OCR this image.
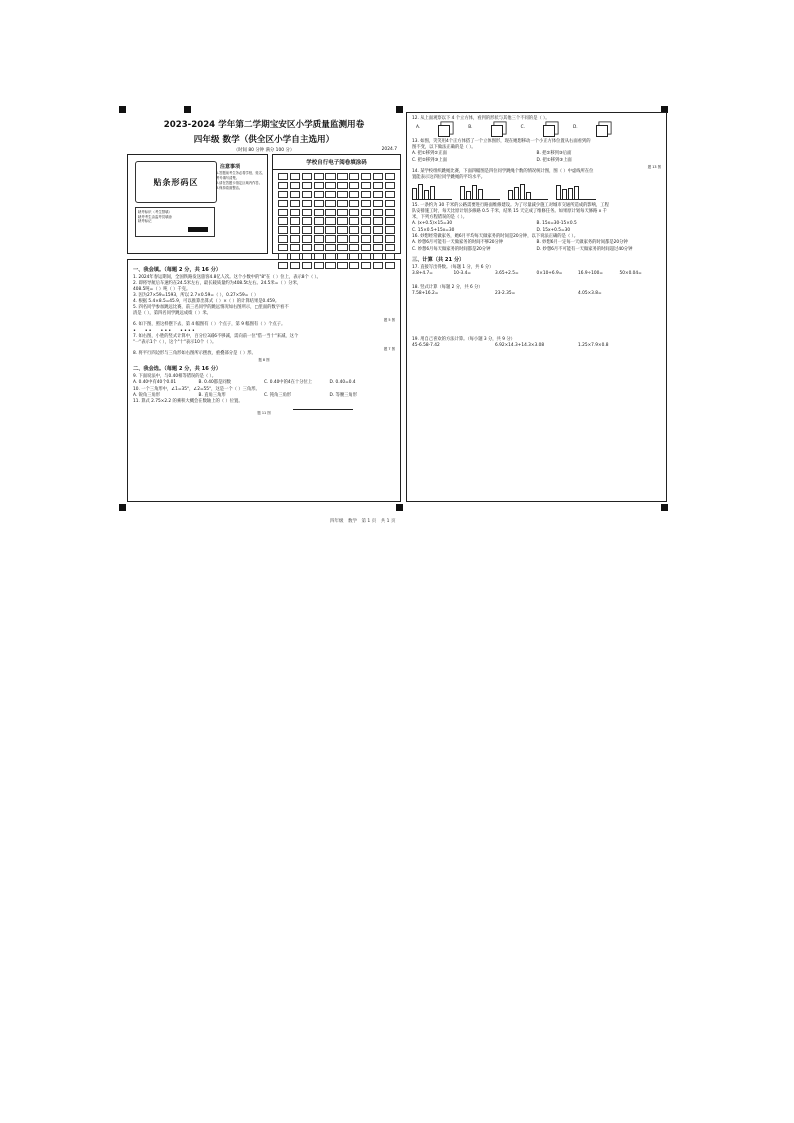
2023-2024 学年第二学期宝安区小学质量监测用卷
四年级 数学（供全区小学自主选用）
（时间 80 分钟 满分 100 分）	2024.7
贴条形码区
注意事项
1.答题前考生务必将学校、姓名、考号填写清楚。
2.请在答题卡指定区域内作答。
3.保持卷面整洁。
缺考标识（考生禁填）
缺考考生由监考员填涂
缺考标记
学校自行电子阅卷填涂码
一、我会填。（每题 2 分，共 16 分）
1. 2024年春运期间，全国铁路发送旅客4.8亿人次。这个小数中的"8"在（ ）位上，表示8个（ ）。
2. 即将导航后车速约在24.5米左右，最长载质量约为408.5t左右。24.5米=（ ）分米，
408.5吨=（ ）吨（ ）千克。
3. 因为27×59=1593，所以 2.7×0.59=（ ），0.27×59=（ ）
4. 根据 5.4×8.5=45.9，可以推算出算式（ ）×（ ）的计算结果是0.459。
5. 四名同学参加跳远比赛，前三名同学的跳远情况如右图所示，□里面的数字看不
清是（ ），第四名同学跳远成绩（ ）米。
题 5 图
6. 如下图，照这样摆下去，第 4 幅图有（ ）个点子，第 9 幅图有（ ）个点子。
•   ••   •••   ••••
7. 如右图，小胜的竖式计算中，百分位3减6不够减，需向前一位"借一当十"来减，这个
"一"表示1个（ ），这个"十"表示10个（ ）。
题 7 图
8. 将平行四边形与三角形如右图所示摆放，重叠部分是（ ）形。
题 8 图
二、我会选。（每题 2 分，共 16 分）
9. 下面说法中，与0.40相等错误的是（ ）。
A. 0.40中有40个0.01	B. 0.40都是同数	C. 0.40中的4在十分位上	D. 0.40=0.4
10. 一个三角形中，∠1=35°，∠2=55°，这是一个（ ）三角形。
A. 锐角三角形	B. 直角三角形	C. 钝角三角形	D. 等腰三角形
11. 算式 2.75×2.2 的乘积大概会在数轴上的（ ）位置。
题 11 图
12. 从上面观察以下 4 个立方体，看到的形状与其他三个不同的是（ ）。
A.	B.	C.	D.
13. 如图，笑笑用4个正方体搭了一个立体图形，现在她想移动一个小正方体位置从右面看到的
图不变，以下做法正确的是（ ）。
A. 把①移到②正面	B. 把②移到③后面
C. 把②移到③上面	D. 把①移到③上面
题 13 图
14. 某学校组织跳绳比赛，下面四幅图是四位同学跳绳个数的情况统计图，图（ ）中虚线所在位
置能表示这四位同学跳绳的平均水平。
15. 一条约为 30 千米的公路需要进行路面维修建设。为了尽量减少施工对城市交通所造成的影响，工程
队安排施工时，每天比原计划多修路 0.5 千米，结果 15 天完成了维修任务。如果原计划每天修路 x 千
米，下列方程错误的是（ ）。
A. (x+0.5)×15=30	B. 15x=30-15×0.5
C. 15×0.5+15x=30	D. 15x+0.5=30
16. 妙想经常做家务，她6月平均每天做家务的时间是20分钟，以下说法正确的是（ ）。
A. 妙想6月可能有一天做家务的时间不够20分钟	B. 妙想6月一定每一天做家务的时间都是20分钟
C. 妙想6月每天做家务的时间都是20分钟	D. 妙想6月不可能有一天做家务的时间超过40分钟
三、计算（共 21 分）
17. 直接写出得数。（每题 1 分，共 6 分）
3.8+4.7=	10-3.4=	3.65+2.5=	0×10+6.9=	16.9÷100=	50×0.04=
18. 竖式计算（每题 2 分，共 6 分）
7.58+16.2=	23-2.35=	4.05×3.8=
19. 用自己喜欢的方法计算。（每小题 3 分，共 9 分）
45-6.58-7.42	6.92×14.3+14.3×3.08	1.25×7.9×0.8
四年级　数学　第 1 页　共 1 页
